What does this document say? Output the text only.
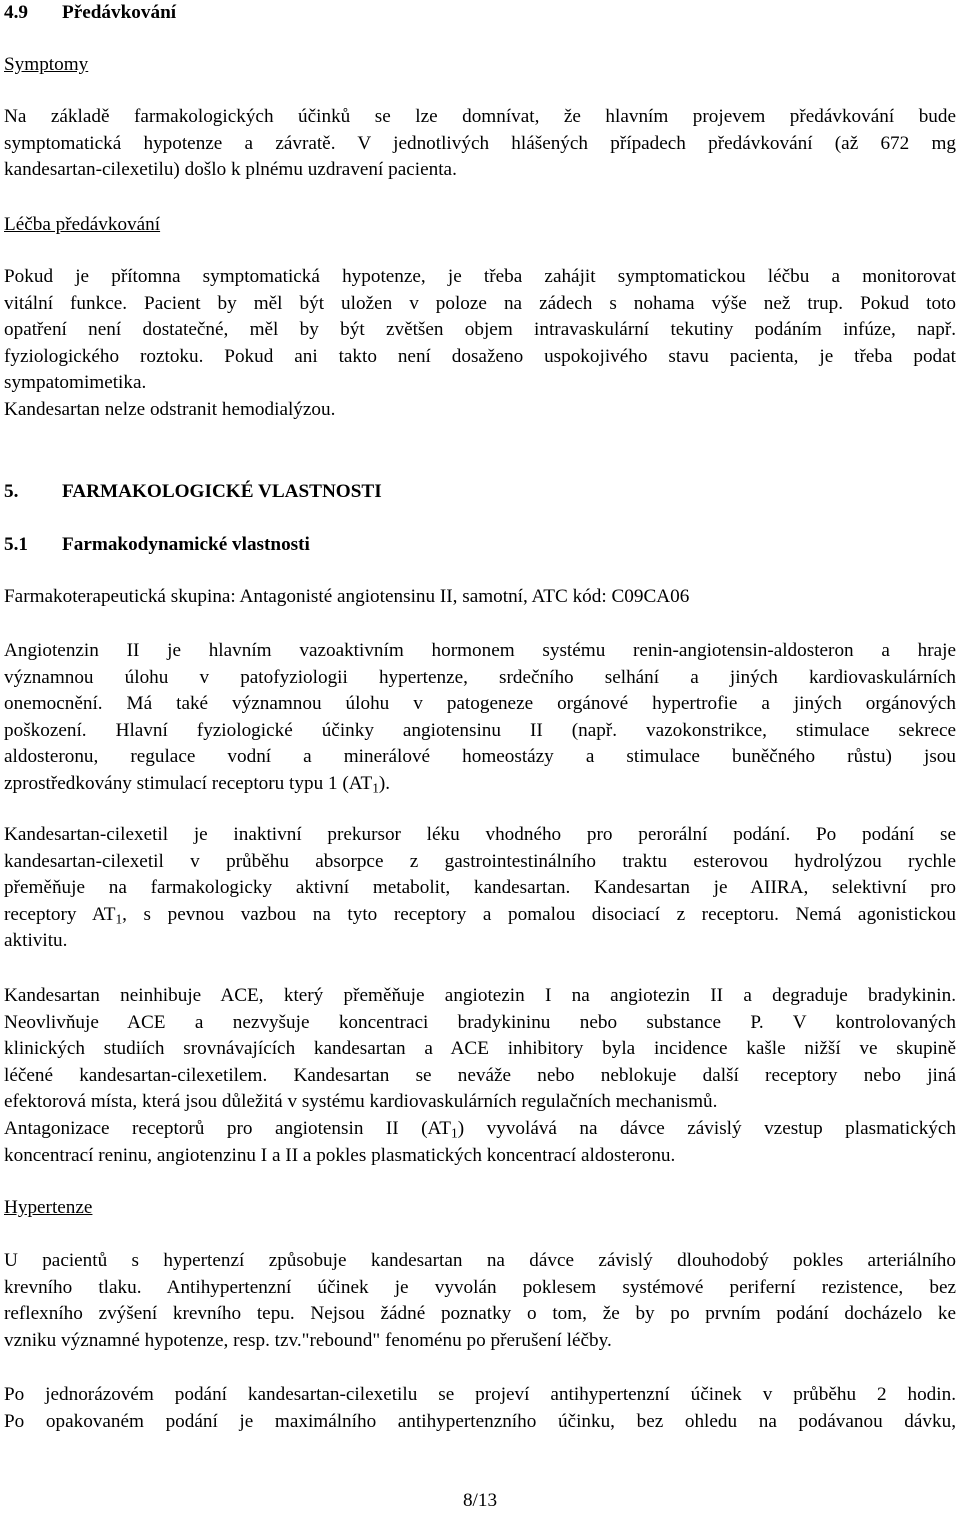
4.9 Předávkování
Symptomy
Na základě farmakologických účinků se lze domnívat, že hlavním projevem předávkování bude
symptomatická hypotenze a závratě. V jednotlivých hlášených případech předávkování (až 672 mg
kandesartan-cilexetilu) došlo k plnému uzdravení pacienta.
Léčba předávkování
Pokud je přítomna symptomatická hypotenze, je třeba zahájit symptomatickou léčbu a monitorovat
vitální funkce. Pacient by měl být uložen v poloze na zádech s nohama výše než trup. Pokud toto
opatření není dostatečné, měl by být zvětšen objem intravaskulární tekutiny podáním infúze, např.
fyziologického roztoku. Pokud ani takto není dosaženo uspokojivého stavu pacienta, je třeba podat
sympatomimetika.
Kandesartan nelze odstranit hemodialýzou.
5. FARMAKOLOGICKÉ VLASTNOSTI
5.1 Farmakodynamické vlastnosti
Farmakoterapeutická skupina: Antagonisté angiotensinu II, samotní, ATC kód: C09CA06
Angiotenzin II je hlavním vazoaktivním hormonem systému renin-angiotensin-aldosteron a hraje
významnou úlohu v patofyziologii hypertenze, srdečního selhání a jiných kardiovaskulárních
onemocnění. Má také významnou úlohu v patogeneze orgánové hypertrofie a jiných orgánových
poškození. Hlavní fyziologické účinky angiotensinu II (např. vazokonstrikce, stimulace sekrece
aldosteronu, regulace vodní a minerálové homeostázy a stimulace buněčného růstu) jsou
zprostředkovány stimulací receptoru typu 1 $(AT_1)$.
Kandesartan-cilexetil je inaktivní prekursor léku vhodného pro perorální podání. Po podání se
kandesartan-cilexetil v průběhu absorpce z gastrointestinálního traktu esterovou hydrolýzou rychle
přeměňuje na farmakologicky aktivní metabolit, kandesartan. Kandesartan je AIIRA, selektivní pro
receptory $AT_1$, s pevnou vazbou na tyto receptory a pomalou disociací z receptoru. Nemá agonistickou
aktivitu.
Kandesartan neinhibuje ACE, který přeměňuje angiotezin I na angiotezin II a degraduje bradykinin.
Neovlivňuje ACE a nezvyšuje koncentraci bradykininu nebo substance P. V kontrolovaných
klinických studiích srovnávajících kandesartan a ACE inhibitory byla incidence kašle nižší ve skupině
léčené kandesartan-cilexetilem. Kandesartan se neváže nebo neblokuje další receptory nebo jiná
efektorová místa, která jsou důležitá v systému kardiovaskulárních regulačních mechanismů.
Antagonizace receptorů pro angiotensin II $(AT_1)$ vyvolává na dávce závislý vzestup plasmatických
koncentrací reninu, angiotenzinu I a II a pokles plasmatických koncentrací aldosteronu.
Hypertenze
U pacientů s hypertenzí způsobuje kandesartan na dávce závislý dlouhodobý pokles arteriálního
krevního tlaku. Antihypertenzní účinek je vyvolán poklesem systémové periferní rezistence, bez
reflexního zvýšení krevního tepu. Nejsou žádné poznatky o tom, že by po prvním podání docházelo ke
vzniku významné hypotenze, resp. tzv."rebound" fenoménu po přerušení léčby.
Po jednorázovém podání kandesartan-cilexetilu se projeví antihypertenzní účinek v průběhu 2 hodin.
Po opakovaném podání je maximálního antihypertenzního účinku, bez ohledu na podávanou dávku,
8/13
